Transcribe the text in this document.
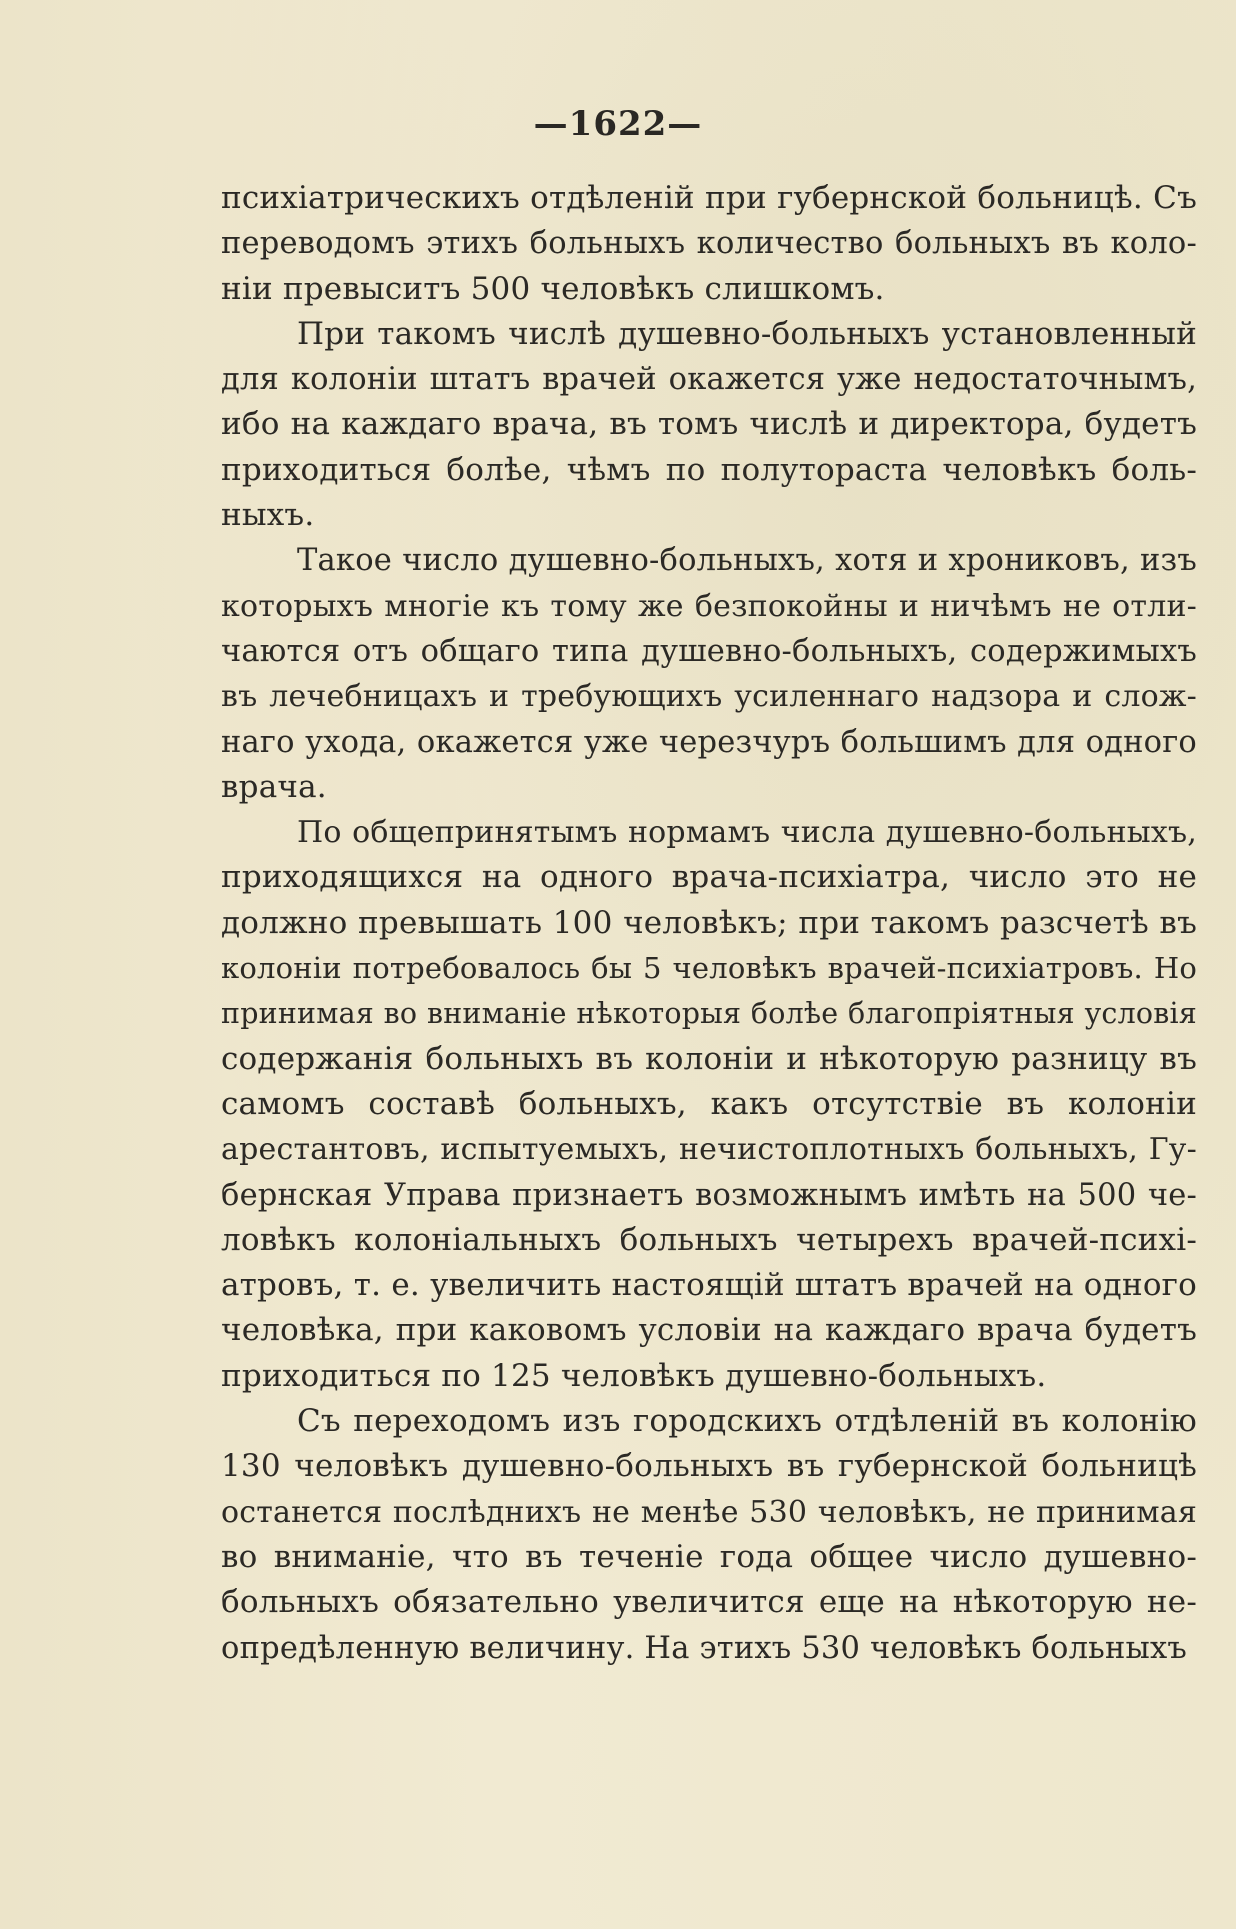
—1622—
психіатрическихъ отдѣленій при губернской больницѣ. Съ
переводомъ этихъ больныхъ количество больныхъ въ коло-
ніи превыситъ 500 человѣкъ слишкомъ.
При такомъ числѣ душевно-больныхъ установленный
для колоніи штатъ врачей окажется уже недостаточнымъ,
ибо на каждаго врача, въ томъ числѣ и директора, будетъ
приходиться болѣе, чѣмъ по полутораста человѣкъ боль-
ныхъ.
Такое число душевно-больныхъ, хотя и хрониковъ, изъ
которыхъ многіе къ тому же безпокойны и ничѣмъ не отли-
чаются отъ общаго типа душевно-больныхъ, содержимыхъ
въ лечебницахъ и требующихъ усиленнаго надзора и слож-
наго ухода, окажется уже черезчуръ большимъ для одного
врача.
По общепринятымъ нормамъ числа душевно-больныхъ,
приходящихся на одного врача-психіатра, число это не
должно превышать 100 человѣкъ; при такомъ разсчетѣ въ
колоніи потребовалось бы 5 человѣкъ врачей-психіатровъ. Но
принимая во вниманіе нѣкоторыя болѣе благопріятныя условія
содержанія больныхъ въ колоніи и нѣкоторую разницу въ
самомъ составѣ больныхъ, какъ отсутствіе въ колоніи
арестантовъ, испытуемыхъ, нечистоплотныхъ больныхъ, Гу-
бернская Управа признаетъ возможнымъ имѣть на 500 че-
ловѣкъ колоніальныхъ больныхъ четырехъ врачей-психі-
атровъ, т. е. увеличить настоящій штатъ врачей на одного
человѣка, при каковомъ условіи на каждаго врача будетъ
приходиться по 125 человѣкъ душевно-больныхъ.
Съ переходомъ изъ городскихъ отдѣленій въ колонію
130 человѣкъ душевно-больныхъ въ губернской больницѣ
останется послѣднихъ не менѣе 530 человѣкъ, не принимая
во вниманіе, что въ теченіе года общее число душевно-
больныхъ обязательно увеличится еще на нѣкоторую не-
опредѣленную величину. На этихъ 530 человѣкъ больныхъ
